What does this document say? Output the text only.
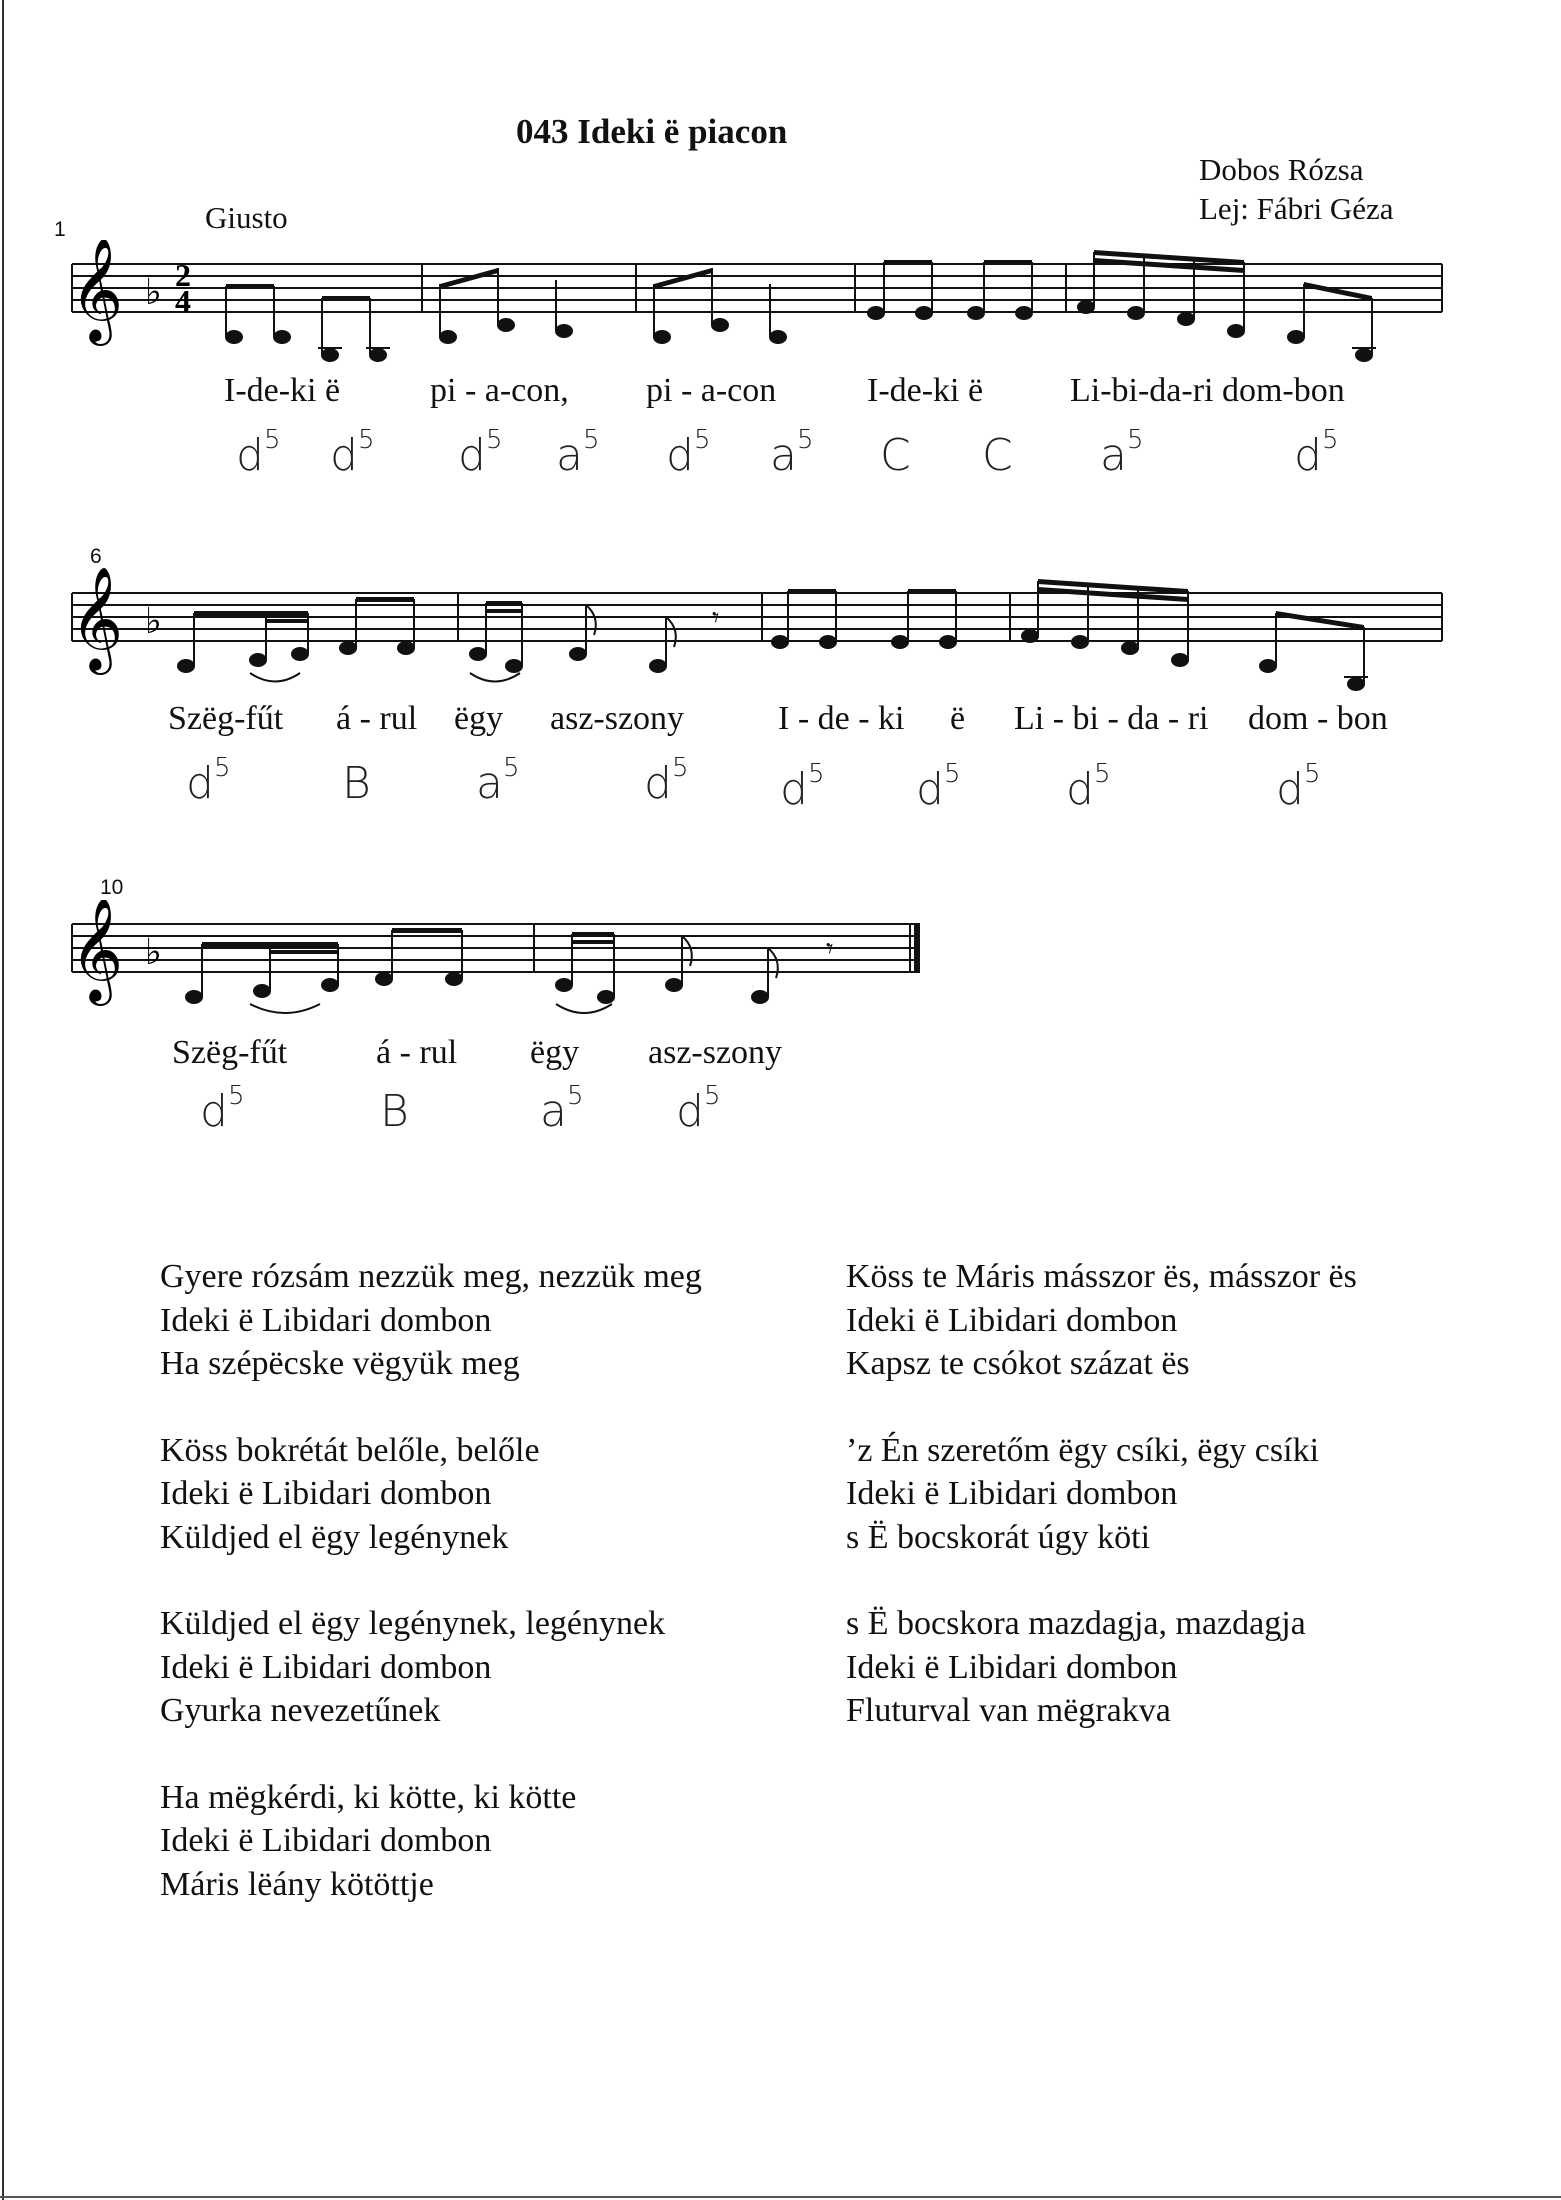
043 Ideki ë piacon
Dobos Rózsa
Lej: Fábri Géza
Giusto
1
𝄞 ♭ 2
4
I-de-ki ë	pi - a-con, pi - a-con	I-de-ki ë	Li-bi-da-ri dom-bon
$d^5$ $d^5$ $d^5$ $a^5$ $d^5$ $a^5$ C C $a^5$	$d^5$
6
𝄞 ♭	𝄾
Szëg-fűt á - rul ëgy asz-szony	I - de - ki ë Li - bi - da - ri dom - bon
$d^5$	B $a^5$	$d^5$ $d^5$ $d^5$ $d^5$	$d^5$
10
𝄞 ♭	𝄾
Szëg-fűt	á - rul ëgy asz-szony
$d^5$	B	$a^5$ $d^5$
Gyere rózsám nezzük meg, nezzük meg
Ideki ë Libidari dombon
Ha szépëcske vëgyük meg
Köss bokrétát belőle, belőle
Ideki ë Libidari dombon
Küldjed el ëgy legénynek
Küldjed el ëgy legénynek, legénynek
Ideki ë Libidari dombon
Gyurka nevezetűnek
Ha mëgkérdi, ki kötte, ki kötte
Ideki ë Libidari dombon
Máris lëány kötöttje
Köss te Máris másszor ës, másszor ës
Ideki ë Libidari dombon
Kapsz te csókot százat ës
’z Én szeretőm ëgy csíki, ëgy csíki
Ideki ë Libidari dombon
s Ë bocskorát úgy köti
s Ë bocskora mazdagja, mazdagja
Ideki ë Libidari dombon
Fluturval van mëgrakva
